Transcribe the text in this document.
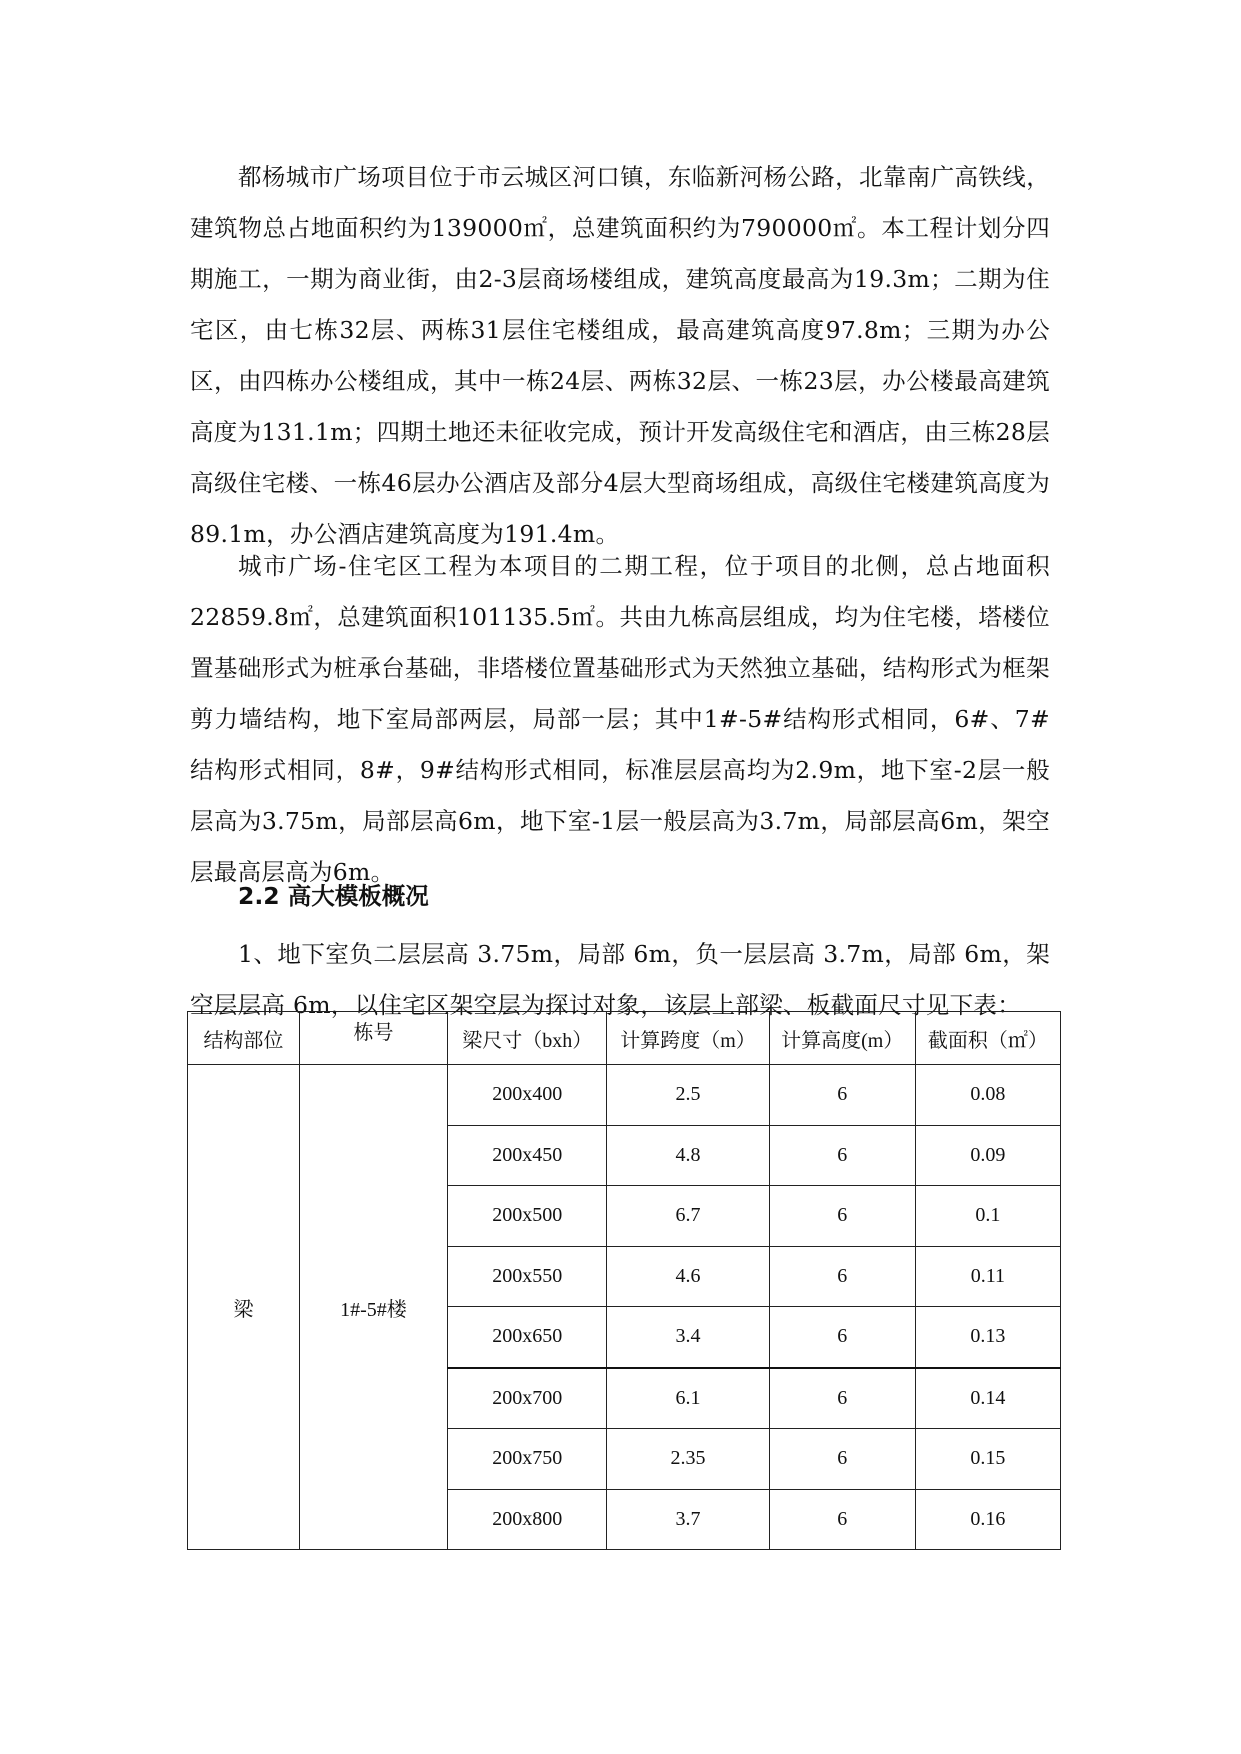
都杨城市广场项目位于市云城区河口镇，东临新河杨公路，北靠南广高铁线，建筑物总占地面积约为139000㎡，总建筑面积约为790000㎡。本工程计划分四期施工，一期为商业街，由2-3层商场楼组成，建筑高度最高为19.3m；二期为住宅区，由七栋32层、两栋31层住宅楼组成，最高建筑高度97.8m；三期为办公区，由四栋办公楼组成，其中一栋24层、两栋32层、一栋23层，办公楼最高建筑高度为131.1m；四期土地还未征收完成，预计开发高级住宅和酒店，由三栋28层高级住宅楼、一栋46层办公酒店及部分4层大型商场组成，高级住宅楼建筑高度为89.1m，办公酒店建筑高度为191.4m。

城市广场-住宅区工程为本项目的二期工程，位于项目的北侧，总占地面积22859.8㎡，总建筑面积101135.5㎡。共由九栋高层组成，均为住宅楼，塔楼位置基础形式为桩承台基础，非塔楼位置基础形式为天然独立基础，结构形式为框架剪力墙结构，地下室局部两层，局部一层；其中1#-5#结构形式相同，6#、7#结构形式相同，8#，9#结构形式相同，标准层层高均为2.9m，地下室-2层一般层高为3.75m，局部层高6m，地下室-1层一般层高为3.7m，局部层高6m，架空层最高层高为6m。

2.2 高大模板概况

1、地下室负二层层高 3.75m，局部 6m，负一层层高 3.7m，局部 6m，架空层层高 6m，以住宅区架空层为探讨对象，该层上部梁、板截面尺寸见下表：

结构部位	栋号	梁尺寸（bxh）	计算跨度（m）	计算高度(m）	截面积（㎡）
梁	1#-5#楼	200x400	2.5	6	0.08
		200x450	4.8	6	0.09
		200x500	6.7	6	0.1
		200x550	4.6	6	0.11
		200x650	3.4	6	0.13
		200x700	6.1	6	0.14
		200x750	2.35	6	0.15
		200x800	3.7	6	0.16
